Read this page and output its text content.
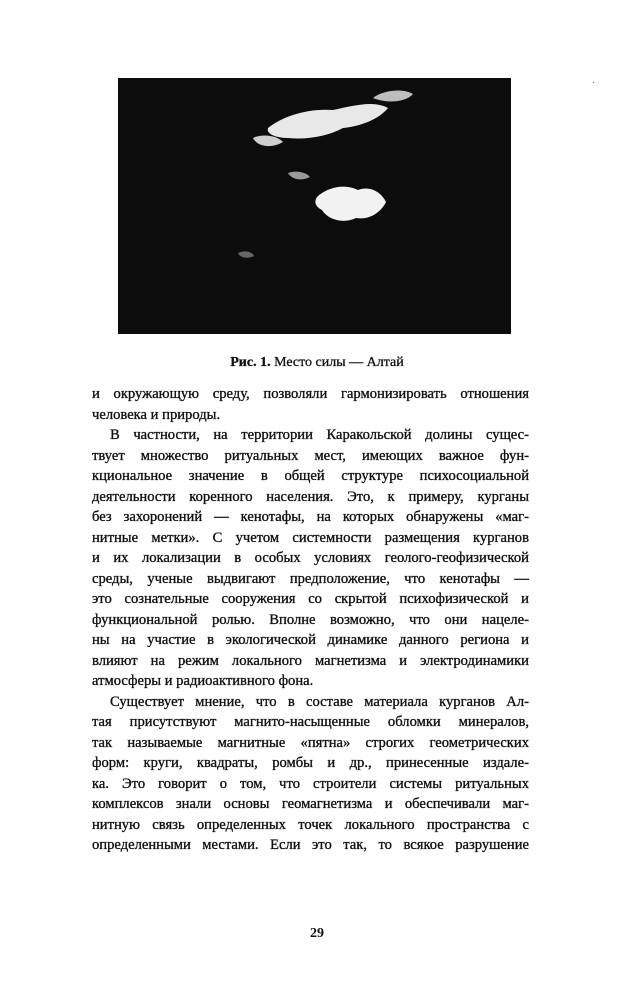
Рис. 1. Место силы — Алтай
и окружающую среду, позволяли гармонизировать отношения
человека и природы.
В частности, на территории Каракольской долины сущес-
твует множество ритуальных мест, имеющих важное фун-
кциональное значение в общей структуре психосоциальной
деятельности коренного населения. Это, к примеру, курганы
без захоронений — кенотафы, на которых обнаружены «маг-
нитные метки». С учетом системности размещения курганов
и их локализации в особых условиях геолого-геофизической
среды, ученые выдвигают предположение, что кенотафы —
это сознательные сооружения со скрытой психофизической и
функциональной ролью. Вполне возможно, что они нацеле-
ны на участие в экологической динамике данного региона и
влияют на режим локального магнетизма и электродинамики
атмосферы и радиоактивного фона.
Существует мнение, что в составе материала курганов Ал-
тая присутствуют магнито-насыщенные обломки минералов,
так называемые магнитные «пятна» строгих геометрических
форм: круги, квадраты, ромбы и др., принесенные издале-
ка. Это говорит о том, что строители системы ритуальных
комплексов знали основы геомагнетизма и обеспечивали маг-
нитную связь определенных точек локального пространства с
определенными местами. Если это так, то всякое разрушение
29
·
